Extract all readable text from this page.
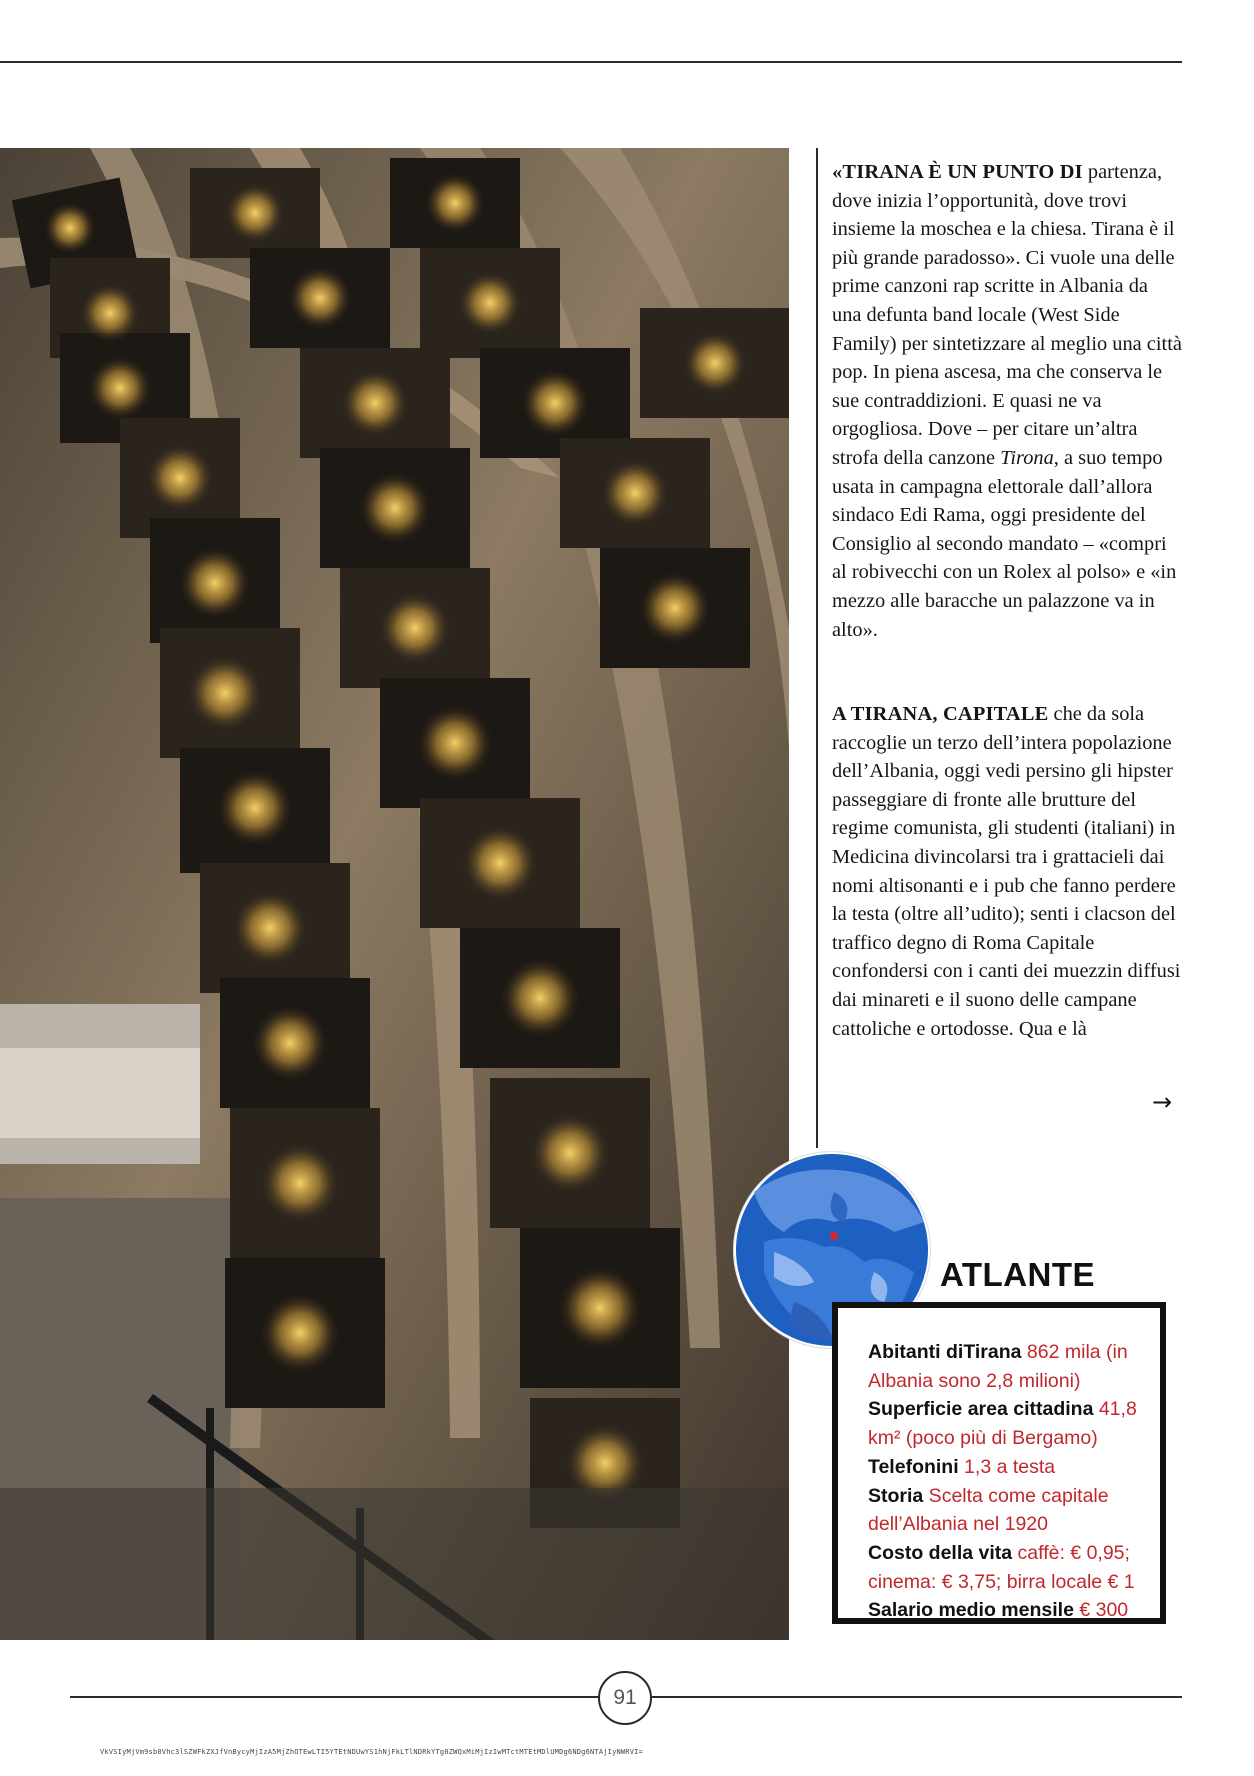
«TIRANA È UN PUNTO DI partenza, dove inizia l’opportunità, dove trovi insieme la moschea e la chiesa. Tirana è il più grande paradosso». Ci vuole una delle prime canzoni rap scritte in Albania da una defunta band locale (West Side Family) per sintetizzare al meglio una città pop. In piena ascesa, ma che conserva le sue contraddizioni. E quasi ne va orgogliosa. Dove – per citare un’altra strofa della canzone Tirona, a suo tempo usata in campagna elettorale dall’allora sindaco Edi Rama, oggi presidente del Consiglio al secondo mandato – «compri al robivecchi con un Rolex al polso» e «in mezzo alle baracche un palazzone va in alto».

A TIRANA, CAPITALE che da sola raccoglie un terzo dell’intera popolazione dell’Albania, oggi vedi persino gli hipster passeggiare di fronte alle brutture del regime comunista, gli studenti (italiani) in Medicina divincolarsi tra i grattacieli dai nomi altisonanti e i pub che fanno perdere la testa (oltre all’udito); senti i clacson del traffico degno di Roma Capitale confondersi con i canti dei muezzin diffusi dai minareti e il suono delle campane cattoliche e ortodosse. Qua e là

→
ATLANTE
Abitanti diTirana 862 mila (in Albania sono 2,8 milioni)
Superficie area cittadina 41,8 km² (poco più di Bergamo)
Telefonini 1,3 a testa
Storia Scelta come capitale dell’Albania nel 1920
Costo della vita caffè: € 0,95; cinema: € 3,75; birra locale € 1
Salario medio mensile € 300
91
VkVSIyMjVm9sb0Vhc3lSZWFkZXJfVnBycyMjIzA5MjZhOTEwLTI5YTEtNDUwYS1hNjFkLTlNDRkYTg0ZWQxMiMjIzIwMTctMTEtMDlUMDg6NDg6NTAjIyNWRVI=
